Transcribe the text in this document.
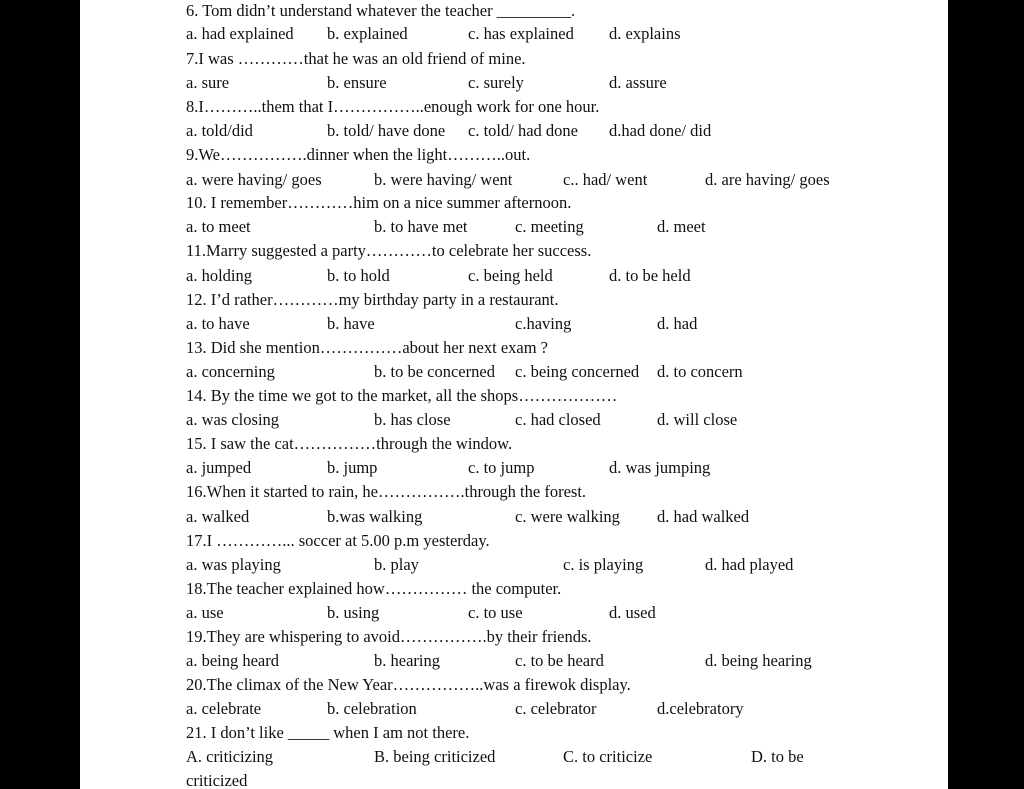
6. Tom didn’t understand whatever the teacher _________.
a. had explained b. explained	c. has explained d. explains
7.I was …………that he was an old friend of mine.
a. sure	b. ensure	c. surely	d. assure
8.I………..them that I……………..enough work for one hour.
a. told/did	b. told/ have done c. told/ had done d.had done/ did
9.We…………….dinner when the light………..out.
a. were having/ goes	b. were having/ went	c.. had/ went	d. are having/ goes
10. I remember…………him on a nice summer afternoon.
a. to meet	b. to have met	c. meeting	d. meet
11.Marry suggested a party…………to celebrate her success.
a. holding	b. to hold	c. being held	d. to be held
12. I’d rather…………my birthday party in a restaurant.
a. to have	b. have	c.having	d. had
13. Did she mention……………about her next exam ?
a. concerning	b. to be concerned c. being concerned d. to concern
14. By the time we got to the market, all the shops………………
a. was closing	b. has close	c. had closed	d. will close
15. I saw the cat……………through the window.
a. jumped	b. jump	c. to jump	d. was jumping
16.When it started to rain, he…………….through the forest.
a. walked	b.was walking	c. were walking d. had walked
17.I …………... soccer at 5.00 p.m yesterday.
a. was playing	b. play	c. is playing	d. had played
18.The teacher explained how…………… the computer.
a. use	b. using	c. to use	d. used
19.They are whispering to avoid…………….by their friends.
a. being heard	b. hearing	c. to be heard	d. being hearing
20.The climax of the New Year……………..was a firewok display.
a. celebrate	b. celebration	c. celebrator	d.celebratory
21. I don’t like _____ when I am not there.
A. criticizing	B. being criticized	C. to criticize	D. to be
criticized
